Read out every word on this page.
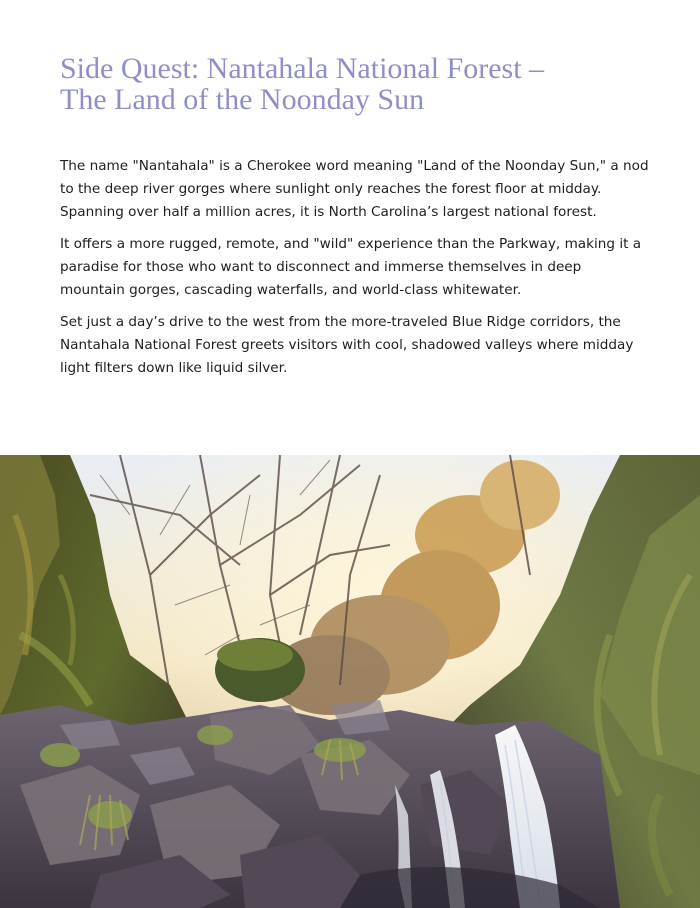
Side Quest: Nantahala National Forest –
The Land of the Noonday Sun

The name "Nantahala" is a Cherokee word meaning "Land of the Noonday Sun," a nod to the deep river gorges where sunlight only reaches the forest floor at midday. Spanning over half a million acres, it is North Carolina’s largest national forest.

It offers a more rugged, remote, and "wild" experience than the Parkway, making it a paradise for those who want to disconnect and immerse themselves in deep mountain gorges, cascading waterfalls, and world-class whitewater.

Set just a day’s drive to the west from the more-traveled Blue Ridge corridors, the Nantahala National Forest greets visitors with cool, shadowed valleys where midday light filters down like liquid silver.
